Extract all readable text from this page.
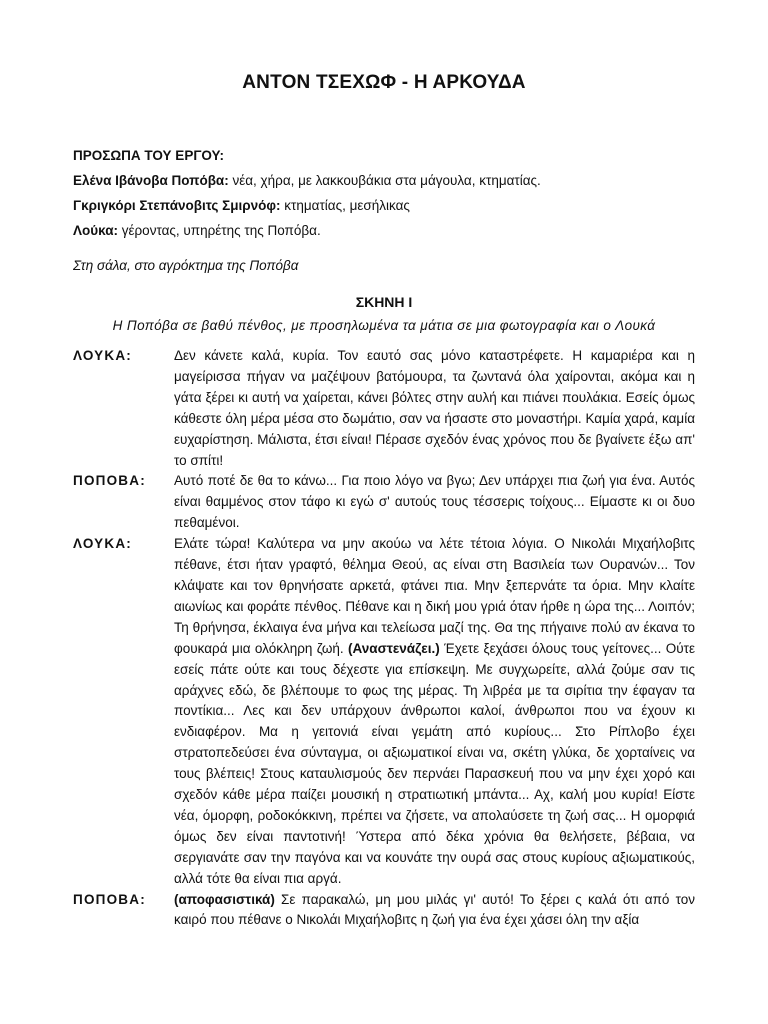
ΑΝΤΟΝ ΤΣΕΧΩΦ - Η ΑΡΚΟΥΔΑ
ΠΡΟΣΩΠΑ ΤΟΥ ΕΡΓΟΥ:
Ελένα Ιβάνοβα Ποπόβα: νέα, χήρα, με λακκουβάκια στα μάγουλα, κτηματίας.
Γκριγκόρι Στεπάνοβιτς Σμιρνόφ: κτηματίας, μεσήλικας
Λούκα: γέροντας, υπηρέτης της Ποπόβα.
Στη σάλα, στο αγρόκτημα της Ποπόβα
ΣΚΗΝΗ Ι
Η Ποπόβα σε βαθύ πένθος, με προσηλωμένα τα μάτια σε μια φωτογραφία και ο Λουκά
ΛΟΥΚΑ:	Δεν κάνετε καλά, κυρία. Τον εαυτό σας μόνο καταστρέφετε. Η καμαριέρα και η μαγείρισσα πήγαν να μαζέψουν βατόμουρα, τα ζωντανά όλα χαίρονται, ακόμα και η γάτα ξέρει κι αυτή να χαίρεται, κάνει βόλτες στην αυλή και πιάνει πουλάκια. Εσείς όμως κάθεστε όλη μέρα μέσα στο δωμάτιο, σαν να ήσαστε στο μοναστήρι. Καμία χαρά, καμία ευχαρίστηση. Μάλιστα, έτσι είναι! Πέρασε σχεδόν ένας χρόνος που δε βγαίνετε έξω απ' το σπίτι!
ΠΟΠΟΒΑ:	Αυτό ποτέ δε θα το κάνω... Για ποιο λόγο να βγω; Δεν υπάρχει πια ζωή για ένα. Αυτός είναι θαμμένος στον τάφο κι εγώ σ' αυτούς τους τέσσερις τοίχους... Είμαστε κι οι δυο πεθαμένοι.
ΛΟΥΚΑ:	Ελάτε τώρα! Καλύτερα να μην ακούω να λέτε τέτοια λόγια. Ο Νικολάι Μιχαήλοβιτς πέθανε, έτσι ήταν γραφτό, θέλημα Θεού, ας είναι στη Βασιλεία των Ουρανών... Τον κλάψατε και τον θρηνήσατε αρκετά, φτάνει πια. Μην ξεπερνάτε τα όρια. Μην κλαίτε αιωνίως και φοράτε πένθος. Πέθανε και η δική μου γριά όταν ήρθε η ώρα της... Λοιπόν; Τη θρήνησα, έκλαιγα ένα μήνα και τελείωσα μαζί της. Θα της πήγαινε πολύ αν έκανα το φουκαρά μια ολόκληρη ζωή. (Αναστενάζει.) Έχετε ξεχάσει όλους τους γείτονες... Ούτε εσείς πάτε ούτε και τους δέχεστε για επίσκεψη. Με συγχωρείτε, αλλά ζούμε σαν τις αράχνες εδώ, δε βλέπουμε το φως της μέρας. Τη λιβρέα με τα σιρίτια την έφαγαν τα ποντίκια... Λες και δεν υπάρχουν άνθρωποι καλοί, άνθρωποι που να έχουν κι ενδιαφέρον. Μα η γειτονιά είναι γεμάτη από κυρίους... Στο Ρίπλοβο έχει στρατοπεδεύσει ένα σύνταγμα, οι αξιωματικοί είναι να, σκέτη γλύκα, δε χορταίνεις να τους βλέπεις! Στους καταυλισμούς δεν περνάει Παρασκευή που να μην έχει χορό και σχεδόν κάθε μέρα παίζει μουσική η στρατιωτική μπάντα... Αχ, καλή μου κυρία! Είστε νέα, όμορφη, ροδοκόκκινη, πρέπει να ζήσετε, να απολαύσετε τη ζωή σας... Η ομορφιά όμως δεν είναι παντοτινή! Ύστερα από δέκα χρόνια θα θελήσετε, βέβαια, να σεργιανάτε σαν την παγόνα και να κουνάτε την ουρά σας στους κυρίους αξιωματικούς, αλλά τότε θα είναι πια αργά.
ΠΟΠΟΒΑ:	(αποφασιστικά) Σε παρακαλώ, μη μου μιλάς γι' αυτό! Το ξέρει ς καλά ότι από τον καιρό που πέθανε ο Νικολάι Μιχαήλοβιτς η ζωή για ένα έχει χάσει όλη την αξία
